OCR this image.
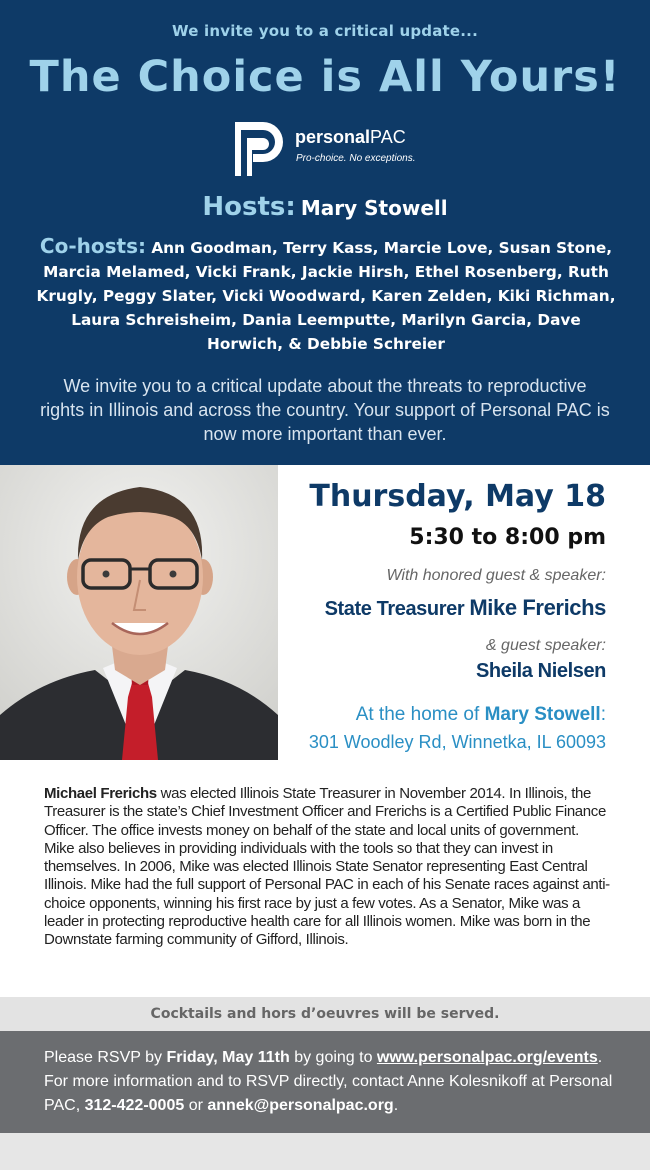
We invite you to a critical update...
The Choice is All Yours!
personalPAC
Pro-choice. No exceptions.
Hosts: Mary Stowell
Co-hosts: Ann Goodman, Terry Kass, Marcie Love, Susan Stone, Marcia Melamed, Vicki Frank, Jackie Hirsh, Ethel Rosenberg, Ruth Krugly, Peggy Slater, Vicki Woodward, Karen Zelden, Kiki Richman, Laura Schreisheim, Dania Leemputte, Marilyn Garcia, Dave Horwich, & Debbie Schreier
We invite you to a critical update about the threats to reproductive rights in Illinois and across the country. Your support of Personal PAC is now more important than ever.
Thursday, May 18
5:30 to 8:00 pm
With honored guest & speaker:
State Treasurer Mike Frerichs
& guest speaker:
Sheila Nielsen
At the home of Mary Stowell:
301 Woodley Rd, Winnetka, IL 60093

Michael Frerichs was elected Illinois State Treasurer in November 2014. In Illinois, the Treasurer is the state’s Chief Investment Officer and Frerichs is a Certified Public Finance Officer. The office invests money on behalf of the state and local units of government. Mike also believes in providing individuals with the tools so that they can invest in themselves. In 2006, Mike was elected Illinois State Senator representing East Central Illinois. Mike had the full support of Personal PAC in each of his Senate races against anti-choice opponents, winning his first race by just a few votes. As a Senator, Mike was a leader in protecting reproductive health care for all Illinois women. Mike was born in the Downstate farming community of Gifford, Illinois.

Cocktails and hors d’oeuvres will be served.

Please RSVP by Friday, May 11th by going to www.personalpac.org/events. For more information and to RSVP directly, contact Anne Kolesnikoff at Personal PAC, 312-422-0005 or annek@personalpac.org.
